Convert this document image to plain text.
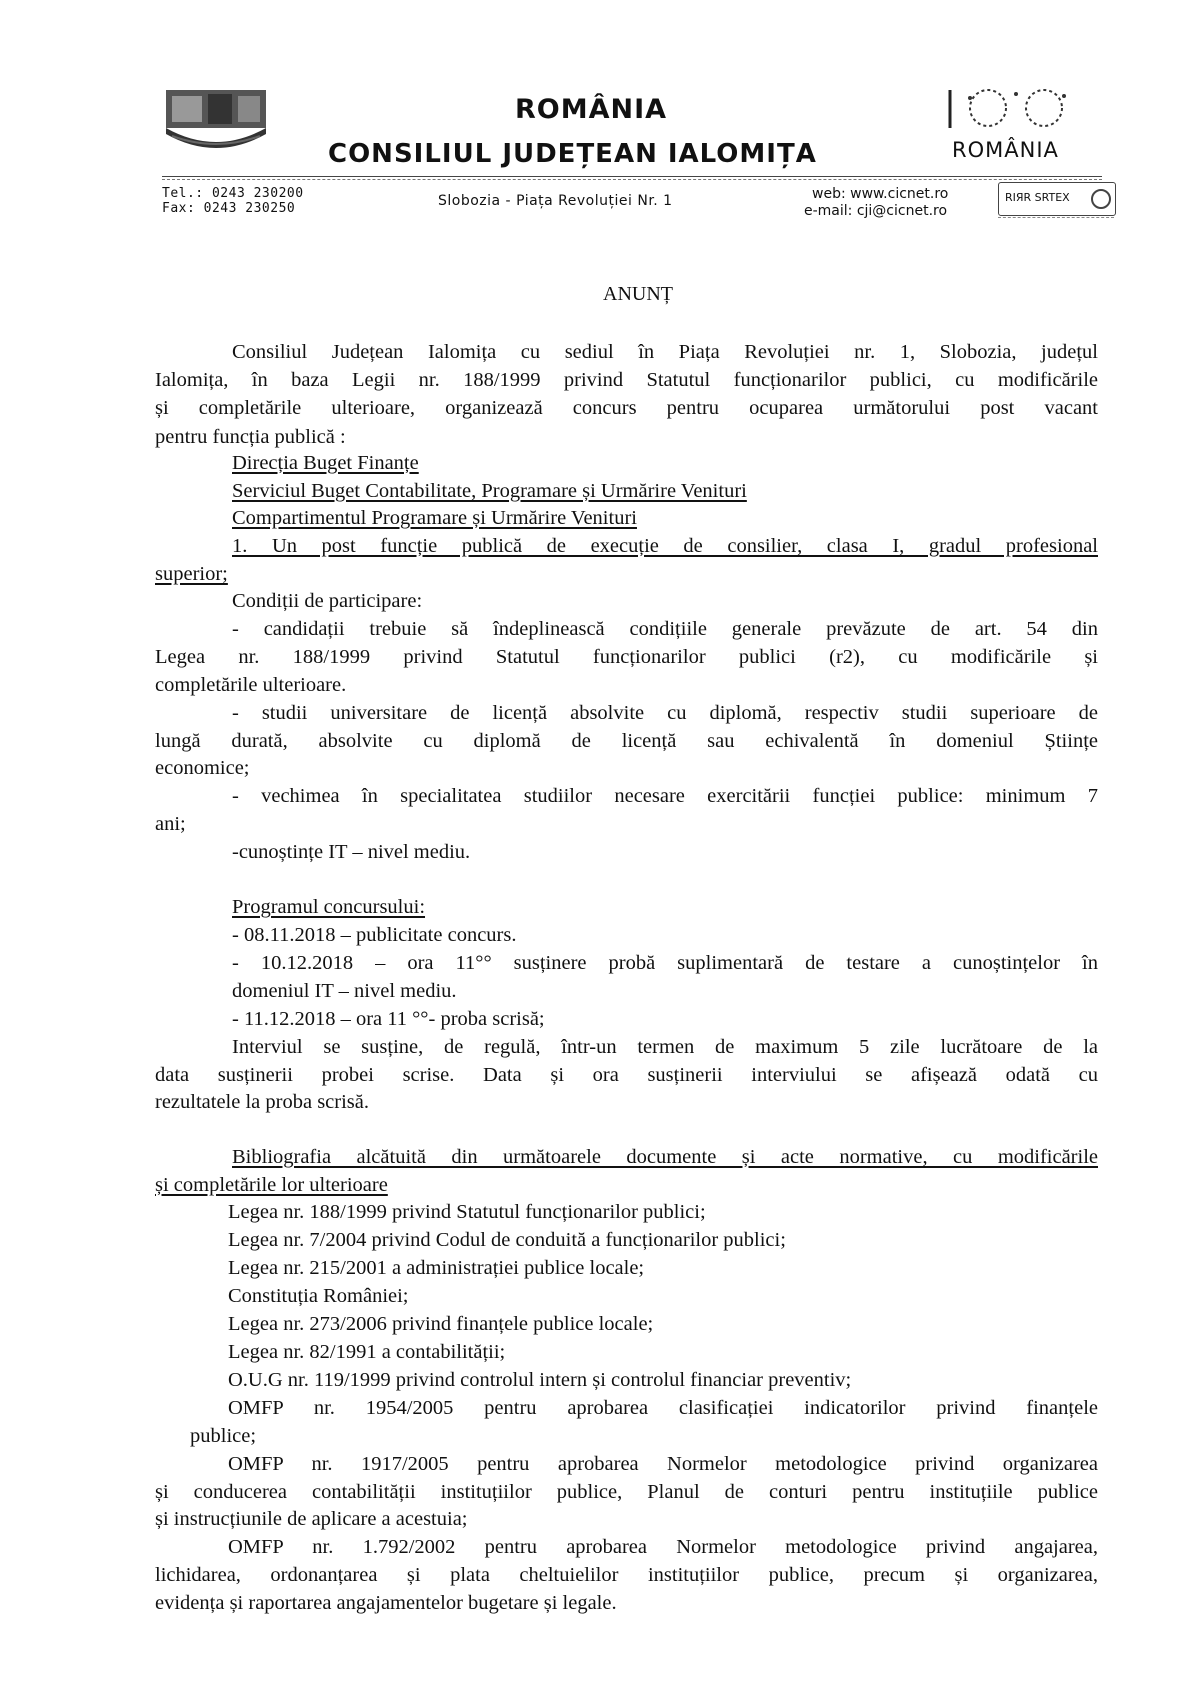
ROMÂNIA
CONSILIUL JUDEȚEAN IALOMIȚA	ROMÂNIA
Tel.: 0243 230200
Fax: 0243 230250	Slobozia - Piața Revoluției Nr. 1	web: www.cicnet.ro
e-mail: cji@cicnet.ro
RIЯR SRTEX
ANUNȚ
Consiliul Județean Ialomița cu sediul în Piața Revoluției nr. 1, Slobozia, județul
Ialomița, în baza Legii nr. 188/1999 privind Statutul funcționarilor publici, cu modificările
și completările ulterioare, organizează concurs pentru ocuparea următorului post vacant
pentru funcția publică :
Direcția Buget Finanțe
Serviciul Buget Contabilitate, Programare și Urmărire Venituri
Compartimentul Programare și Urmărire Venituri
1. Un post funcție publică de execuție de consilier, clasa I, gradul profesional
superior;
Condiții de participare:
- candidații trebuie să îndeplinească condițiile generale prevăzute de art. 54 din
Legea nr. 188/1999 privind Statutul funcționarilor publici (r2), cu modificările și
completările ulterioare.
- studii universitare de licență absolvite cu diplomă, respectiv studii superioare de
lungă durată, absolvite cu diplomă de licență sau echivalentă în domeniul Științe
economice;
- vechimea în specialitatea studiilor necesare exercitării funcției publice: minimum 7
ani;
-cunoștințe IT – nivel mediu.
Programul concursului:
- 08.11.2018 – publicitate concurs.
- 10.12.2018 – ora 11°° susținere probă suplimentară de testare a cunoștințelor în
domeniul IT – nivel mediu.
- 11.12.2018 – ora 11 °°- proba scrisă;
Interviul se susține, de regulă, într-un termen de maximum 5 zile lucrătoare de la
data susținerii probei scrise. Data și ora susținerii interviului se afișează odată cu
rezultatele la proba scrisă.
Bibliografia alcătuită din următoarele documente și acte normative, cu modificările
și completările lor ulterioare
Legea nr. 188/1999 privind Statutul funcționarilor publici;
Legea nr. 7/2004 privind Codul de conduită a funcționarilor publici;
Legea nr. 215/2001 a administrației publice locale;
Constituția României;
Legea nr. 273/2006 privind finanțele publice locale;
Legea nr. 82/1991 a contabilității;
O.U.G nr. 119/1999 privind controlul intern și controlul financiar preventiv;
OMFP nr. 1954/2005 pentru aprobarea clasificației indicatorilor privind finanțele
publice;
OMFP nr. 1917/2005 pentru aprobarea Normelor metodologice privind organizarea
și conducerea contabilității instituțiilor publice, Planul de conturi pentru instituțiile publice
și instrucțiunile de aplicare a acestuia;
OMFP nr. 1.792/2002 pentru aprobarea Normelor metodologice privind angajarea,
lichidarea, ordonanțarea și plata cheltuielilor instituțiilor publice, precum și organizarea,
evidența și raportarea angajamentelor bugetare și legale.
